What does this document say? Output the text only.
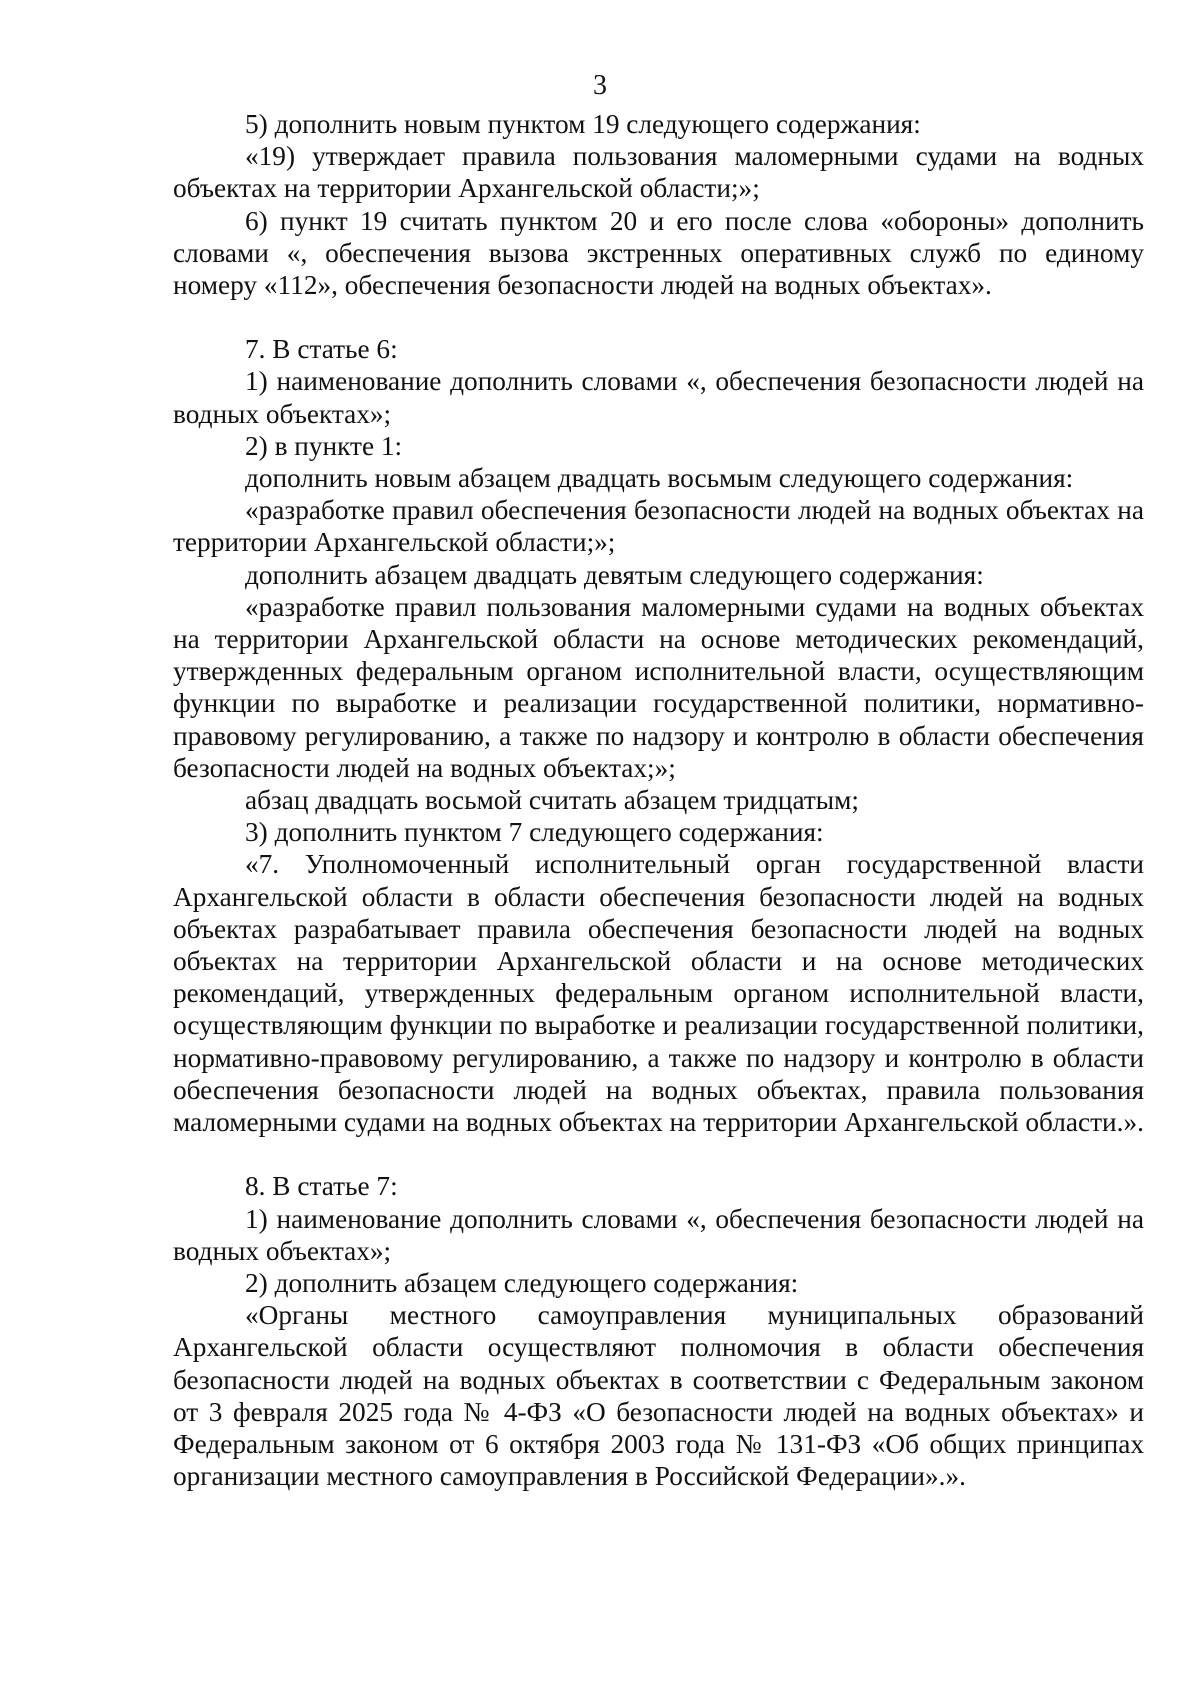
3

5) дополнить новым пунктом 19 следующего содержания:

«19) утверждает правила пользования маломерными судами на водных объектах на территории Архангельской области;»;

6) пункт 19 считать пунктом 20 и его после слова «обороны» дополнить словами «, обеспечения вызова экстренных оперативных служб по единому номеру «112», обеспечения безопасности людей на водных объектах».

7. В статье 6:

1) наименование дополнить словами «, обеспечения безопасности людей на водных объектах»;

2) в пункте 1:

дополнить новым абзацем двадцать восьмым следующего содержания:

«разработке правил обеспечения безопасности людей на водных объектах на территории Архангельской области;»;

дополнить абзацем двадцать девятым следующего содержания:

«разработке правил пользования маломерными судами на водных объектах на территории Архангельской области на основе методических рекомендаций, утвержденных федеральным органом исполнительной власти, осуществляющим функции по выработке и реализации государственной политики, нормативно-правовому регулированию, а также по надзору и контролю в области обеспечения безопасности людей на водных объектах;»;

абзац двадцать восьмой считать абзацем тридцатым;

3) дополнить пунктом 7 следующего содержания:

«7. Уполномоченный исполнительный орган государственной власти Архангельской области в области обеспечения безопасности людей на водных объектах разрабатывает правила обеспечения безопасности людей на водных объектах на территории Архангельской области и на основе методических рекомендаций, утвержденных федеральным органом исполнительной власти, осуществляющим функции по выработке и реализации государственной политики, нормативно-правовому регулированию, а также по надзору и контролю в области обеспечения безопасности людей на водных объектах, правила пользования маломерными судами на водных объектах на территории Архангельской области.».

8. В статье 7:

1) наименование дополнить словами «, обеспечения безопасности людей на водных объектах»;

2) дополнить абзацем следующего содержания:

«Органы местного самоуправления муниципальных образований Архангельской области осуществляют полномочия в области обеспечения безопасности людей на водных объектах в соответствии с Федеральным законом от 3 февраля 2025 года № 4-ФЗ «О безопасности людей на водных объектах» и Федеральным законом от 6 октября 2003 года № 131-ФЗ «Об общих принципах организации местного самоуправления в Российской Федерации».».
